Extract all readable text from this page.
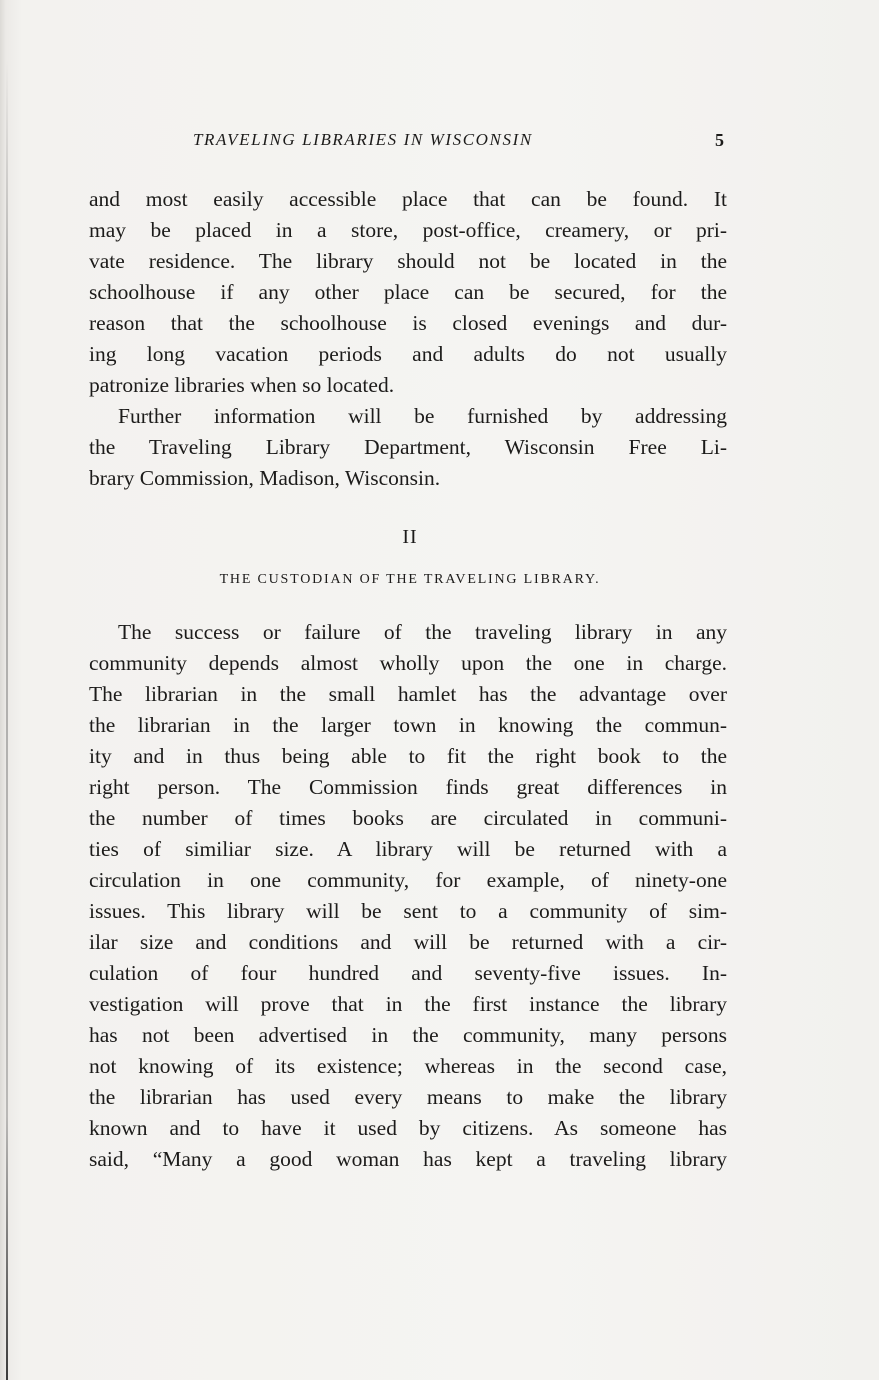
TRAVELING LIBRARIES IN WISCONSIN	5
and most easily accessible place that can be found. It
may be placed in a store, post-office, creamery, or pri-
vate residence. The library should not be located in the
schoolhouse if any other place can be secured, for the
reason that the schoolhouse is closed evenings and dur-
ing long vacation periods and adults do not usually
patronize libraries when so located.
Further information will be furnished by addressing
the Traveling Library Department, Wisconsin Free Li-
brary Commission, Madison, Wisconsin.
II
THE CUSTODIAN OF THE TRAVELING LIBRARY.
The success or failure of the traveling library in any
community depends almost wholly upon the one in charge.
The librarian in the small hamlet has the advantage over
the librarian in the larger town in knowing the commun-
ity and in thus being able to fit the right book to the
right person. The Commission finds great differences in
the number of times books are circulated in communi-
ties of similiar size. A library will be returned with a
circulation in one community, for example, of ninety-one
issues. This library will be sent to a community of sim-
ilar size and conditions and will be returned with a cir-
culation of four hundred and seventy-five issues. In-
vestigation will prove that in the first instance the library
has not been advertised in the community, many persons
not knowing of its existence; whereas in the second case,
the librarian has used every means to make the library
known and to have it used by citizens. As someone has
said, “Many a good woman has kept a traveling library
